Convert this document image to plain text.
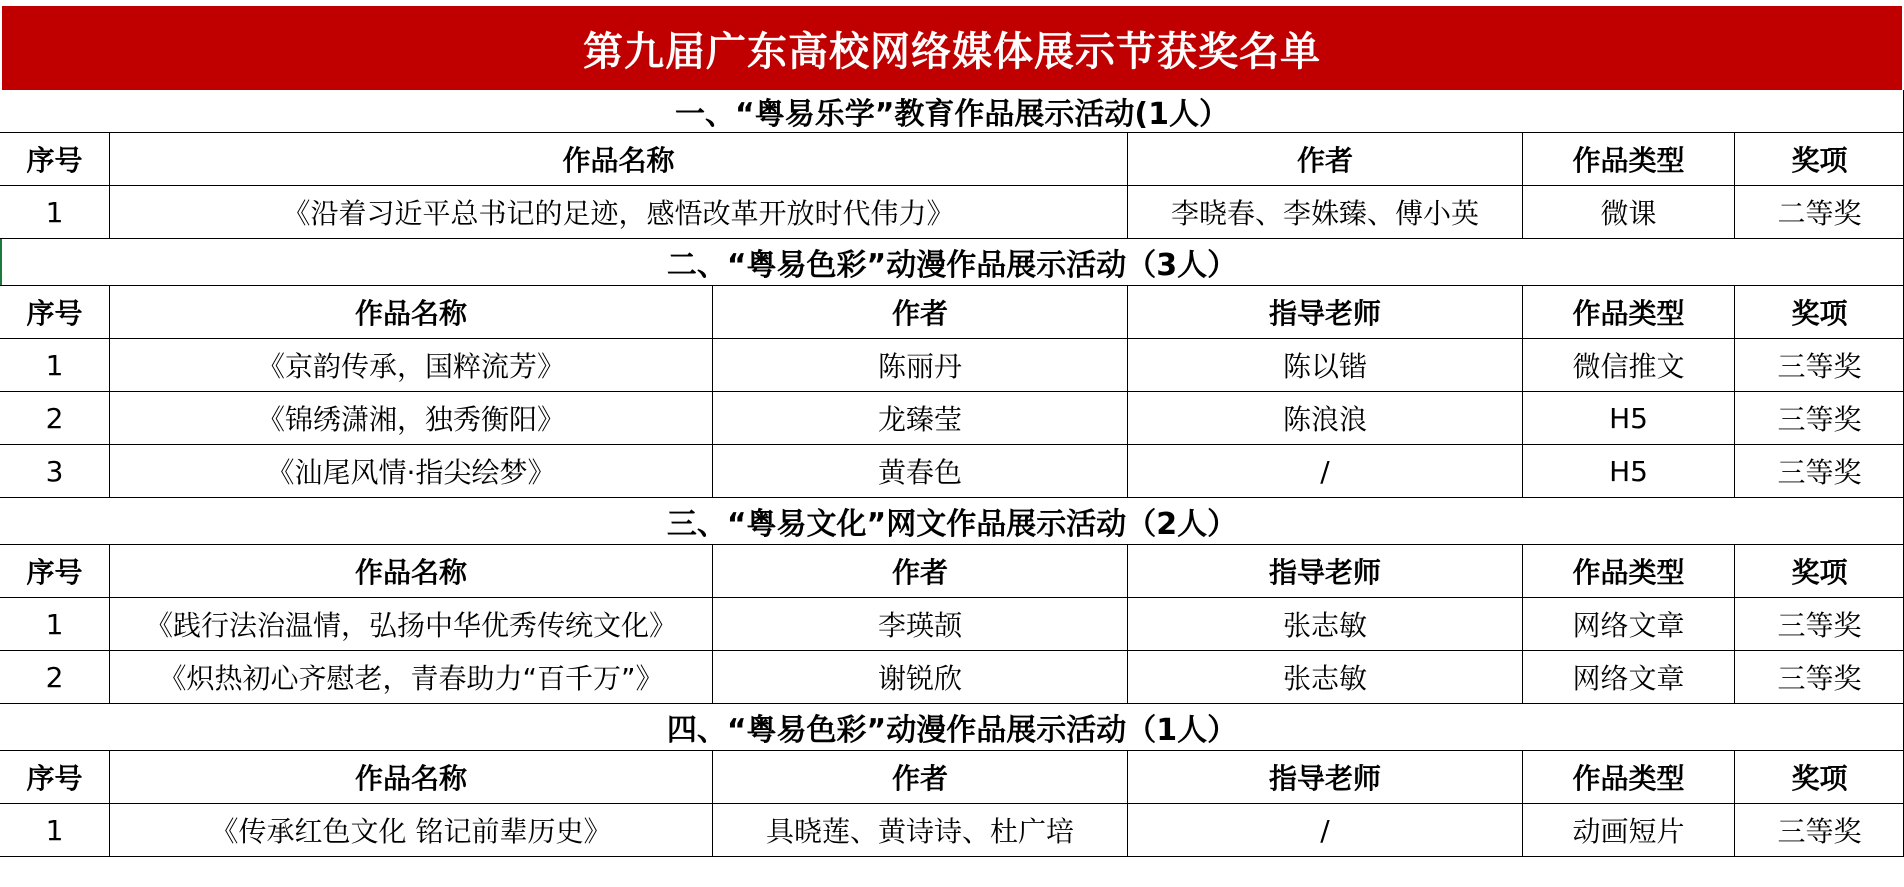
第九届广东高校网络媒体展示节获奖名单
一、“粤易乐学”教育作品展示活动(1人）
序号	作品名称	作者	作品类型	奖项
1	《沿着习近平总书记的足迹，感悟改革开放时代伟力》	李晓春、李姝臻、傅小英	微课	二等奖
二、“粤易色彩”动漫作品展示活动（3人）
序号	作品名称	作者	指导老师	作品类型	奖项
1	《京韵传承，国粹流芳》	陈丽丹	陈以锴	微信推文	三等奖
2	《锦绣潇湘，独秀衡阳》	龙臻莹	陈浪浪	H5	三等奖
3	《汕尾风情·指尖绘梦》	黄春色	/	H5	三等奖
三、“粤易文化”网文作品展示活动（2人）
序号	作品名称	作者	指导老师	作品类型	奖项
1	《践行法治温情，弘扬中华优秀传统文化》	李瑛颉	张志敏	网络文章	三等奖
2	《炽热初心齐慰老，青春助力“百千万”》	谢锐欣	张志敏	网络文章	三等奖
四、“粤易色彩”动漫作品展示活动（1人）
序号	作品名称	作者	指导老师	作品类型	奖项
1	《传承红色文化 铭记前辈历史》	具晓莲、黄诗诗、杜广培	/	动画短片	三等奖
